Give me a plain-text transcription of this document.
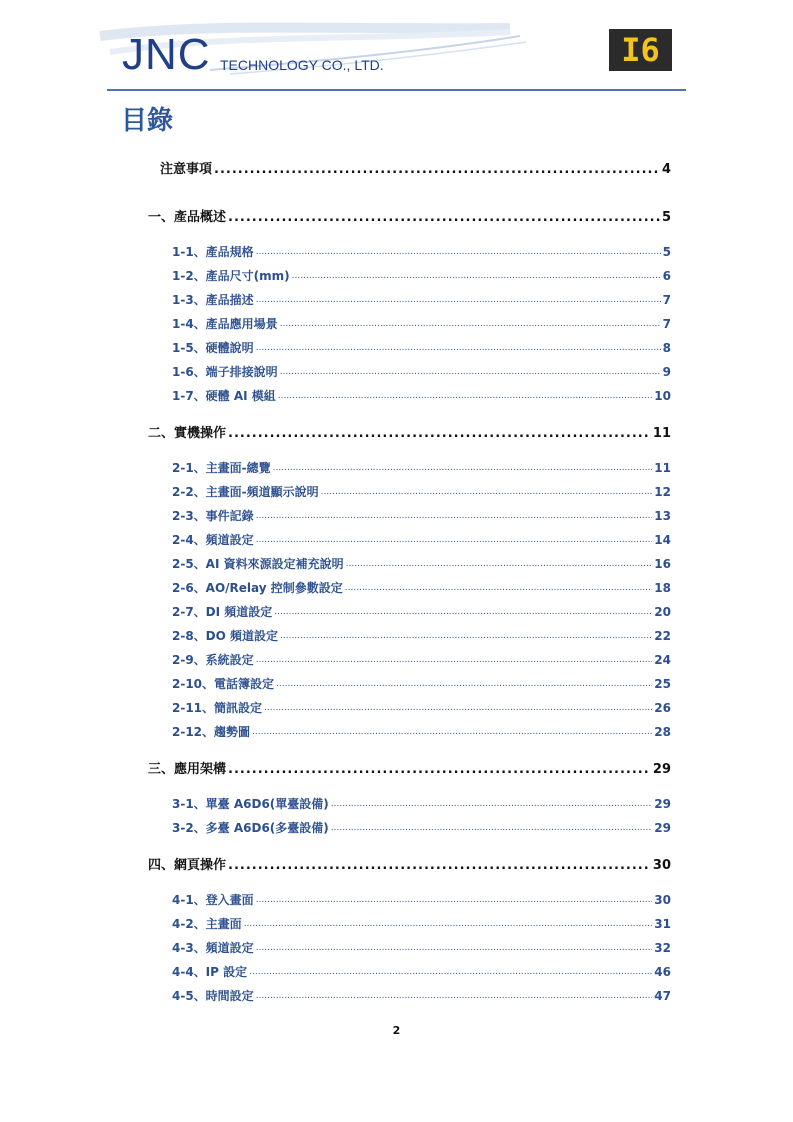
JNC TECHNOLOGY CO., LTD.	I6
目錄
注意事項 .....	4
一、產品概述 .....	5
1-1、產品規格 .....	5
1-2、產品尺寸(mm) .....	6
1-3、產品描述 .....	7
1-4、產品應用場景 .....	7
1-5、硬體說明 .....	8
1-6、端子排接說明 .....	9
1-7、硬體 AI 模組 .....	10
二、實機操作 .....	11
2-1、主畫面-總覽 .....	11
2-2、主畫面-頻道顯示說明 .....	12
2-3、事件記錄 .....	13
2-4、頻道設定 .....	14
2-5、AI 資料來源設定補充說明 .....	16
2-6、AO/Relay 控制參數設定 .....	18
2-7、DI 頻道設定 .....	20
2-8、DO 頻道設定 .....	22
2-9、系統設定 .....	24
2-10、電話簿設定 .....	25
2-11、簡訊設定 .....	26
2-12、趨勢圖 .....	28
三、應用架構 .....	29
3-1、單臺 A6D6(單臺設備) .....	29
3-2、多臺 A6D6(多臺設備) .....	29
四、網頁操作 .....	30
4-1、登入畫面 .....	30
4-2、主畫面 .....	31
4-3、頻道設定 .....	32
4-4、IP 設定 .....	46
4-5、時間設定 .....	47
2
